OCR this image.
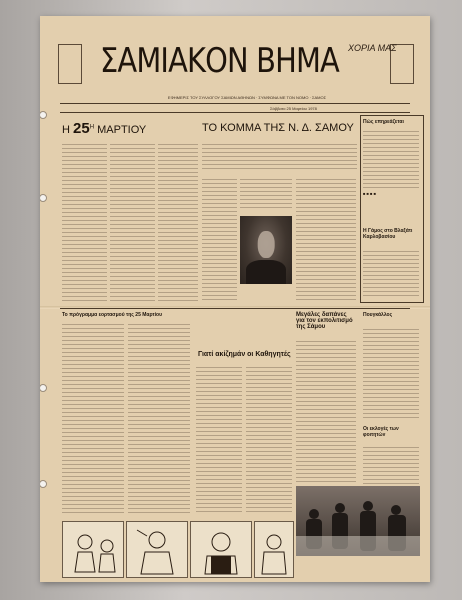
ΣΑΜΙΑΚΟΝ ΒΗΜΑ ΧΟΡΙΑ ΜΑΣ
ΕΦΗΜΕΡΙΣ ΤΟΥ ΣΥΛΛΟΓΟΥ ΣΑΜΙΩΝ ΑΘΗΝΩΝ · ΣΥΜΦΩΝΑ ΜΕ ΤΟΝ ΝΟΜΟ · ΣΑΜΟΣ
Σάββατο 25 Μαρτίου 1978
Η $25^H$ ΜΑΡΤΙΟΥ	ΤΟ ΚΟΜΜΑ ΤΗΣ Ν. Δ. ΣΑΜΟΥ Πώς επηρεάζεται
■ ■ ■ ■
Η Γάμος στο Βλαξάτι Καρλοβασίου
Το πρόγραμμα εορτασμού της 25 Μαρτίου
Γιατί ακίζημάν οι Καθηγητές
Μεγάλες δαπάνες για τον εκπολιτισμό της Σάμου
Πουγκάλλος
Οι εκλογές των φοιτητών
